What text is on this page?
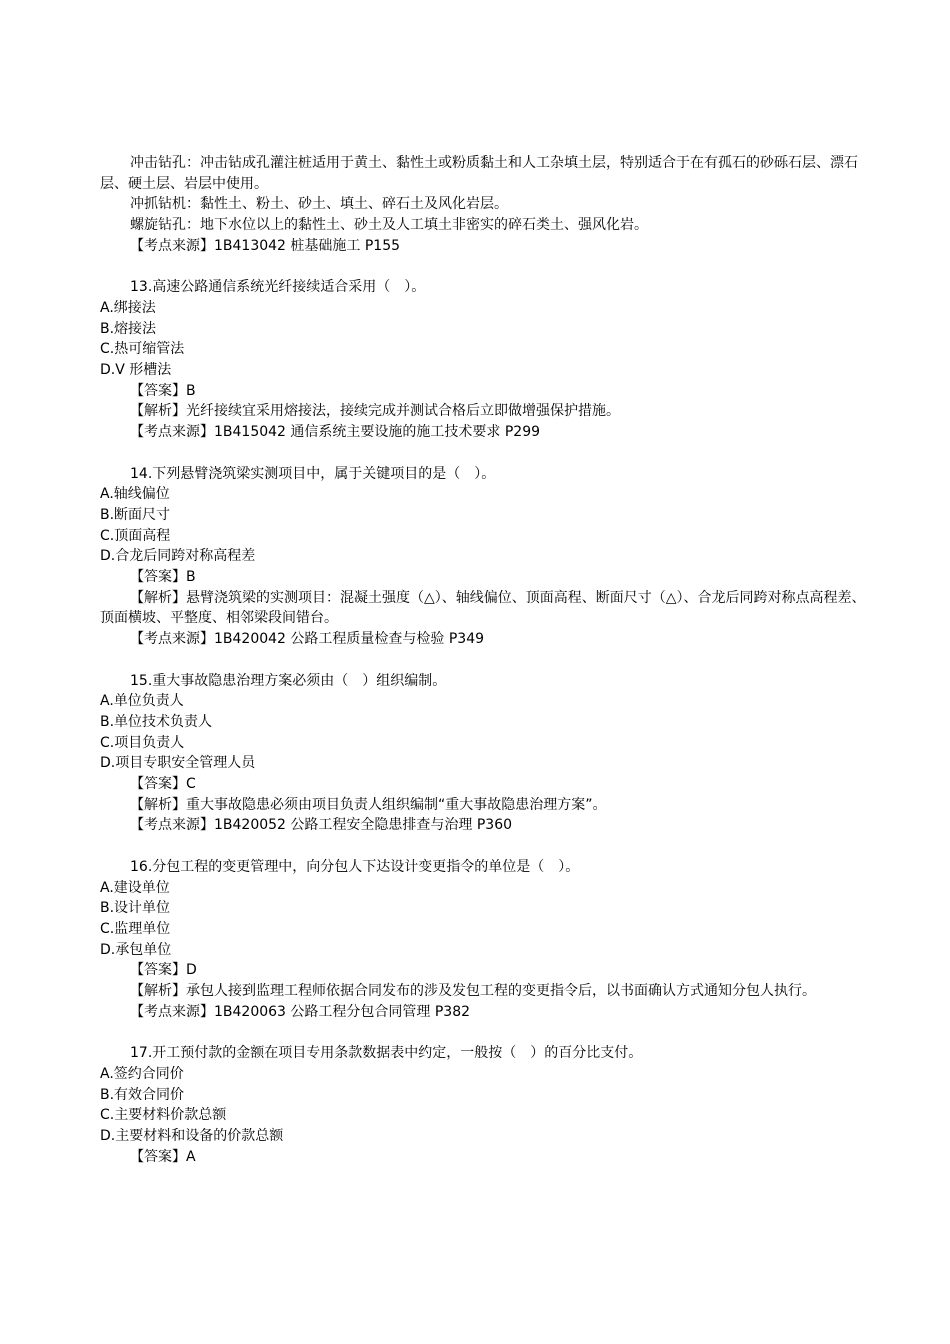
冲击钻孔：冲击钻成孔灌注桩适用于黄土、黏性土或粉质黏土和人工杂填土层，特别适合于在有孤石的砂砾石层、漂石层、硬土层、岩层中使用。

冲抓钻机：黏性土、粉土、砂土、填土、碎石土及风化岩层。

螺旋钻孔：地下水位以上的黏性土、砂土及人工填土非密实的碎石类土、强风化岩。

【考点来源】1B413042 桩基础施工 P155

13.高速公路通信系统光纤接续适合采用（　）。

A.绑接法

B.熔接法

C.热可缩管法

D.V 形槽法

【答案】B

【解析】光纤接续宜采用熔接法，接续完成并测试合格后立即做增强保护措施。

【考点来源】1B415042 通信系统主要设施的施工技术要求 P299

14.下列悬臂浇筑梁实测项目中，属于关键项目的是（　）。

A.轴线偏位

B.断面尺寸

C.顶面高程

D.合龙后同跨对称高程差

【答案】B

【解析】悬臂浇筑梁的实测项目：混凝土强度（△）、轴线偏位、顶面高程、断面尺寸（△）、合龙后同跨对称点高程差、顶面横坡、平整度、相邻梁段间错台。

【考点来源】1B420042 公路工程质量检查与检验 P349

15.重大事故隐患治理方案必须由（　）组织编制。

A.单位负责人

B.单位技术负责人

C.项目负责人

D.项目专职安全管理人员

【答案】C

【解析】重大事故隐患必须由项目负责人组织编制“重大事故隐患治理方案”。

【考点来源】1B420052 公路工程安全隐患排查与治理 P360

16.分包工程的变更管理中，向分包人下达设计变更指令的单位是（　）。

A.建设单位

B.设计单位

C.监理单位

D.承包单位

【答案】D

【解析】承包人接到监理工程师依据合同发布的涉及发包工程的变更指令后，以书面确认方式通知分包人执行。

【考点来源】1B420063 公路工程分包合同管理 P382

17.开工预付款的金额在项目专用条款数据表中约定，一般按（　）的百分比支付。

A.签约合同价

B.有效合同价

C.主要材料价款总额

D.主要材料和设备的价款总额

【答案】A
